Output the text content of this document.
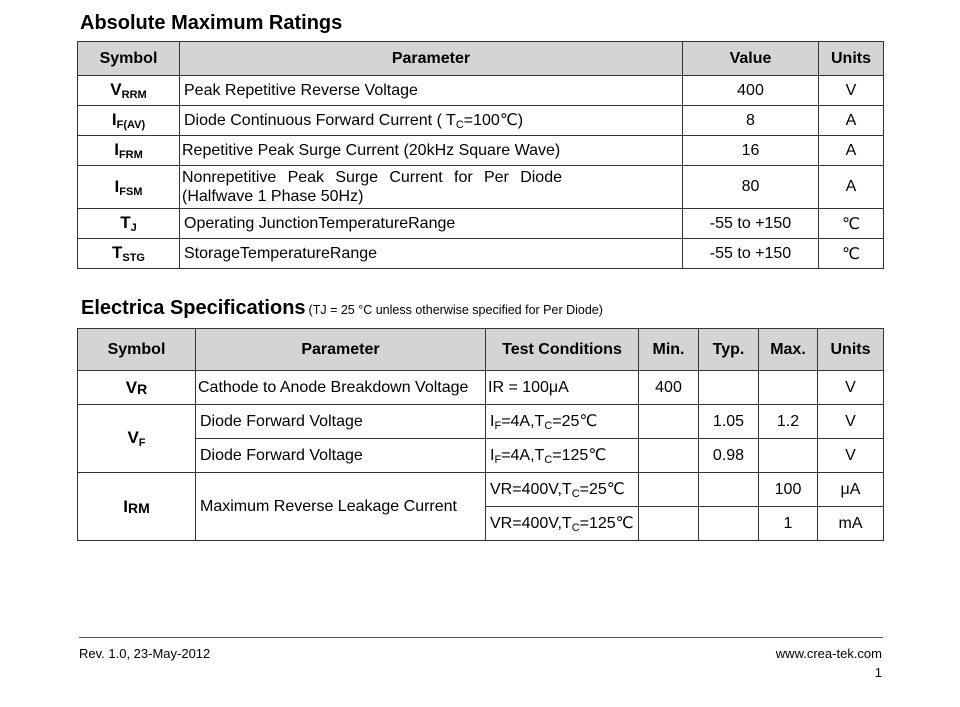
Absolute Maximum Ratings
Symbol	Parameter	Value	Units
$V_{RRM}$	Peak Repetitive Reverse Voltage	400	V
$I_{F(AV)}$	Diode Continuous Forward Current ( TC=100℃)	8	A
$I_{FRM}$	Repetitive Peak Surge Current (20kHz Square Wave)	16	A
$I_{FSM}$	Nonrepetitive Peak Surge Current for Per Diode (Halfwave 1 Phase 50Hz)	80	A
$T_J$	Operating JunctionTemperatureRange	-55 to +150	℃
$T_{STG}$	StorageTemperatureRange	-55 to +150	℃
Electrica Specifications (TJ = 25 °C unless otherwise specified for Per Diode)
Symbol	Parameter	Test Conditions	Min.	Typ.	Max.	Units
VR	Cathode to Anode Breakdown Voltage	IR = 100μA	400			V
$V_F$	Diode Forward Voltage	IF=4A,TC=25℃		1.05	1.2	V
	Diode Forward Voltage	IF=4A,TC=125℃		0.98		V
IRM	Maximum Reverse Leakage Current	VR=400V,TC=25℃			100	μA
		VR=400V,TC=125℃			1	mA
Rev. 1.0, 23-May-2012	www.crea-tek.com
1
